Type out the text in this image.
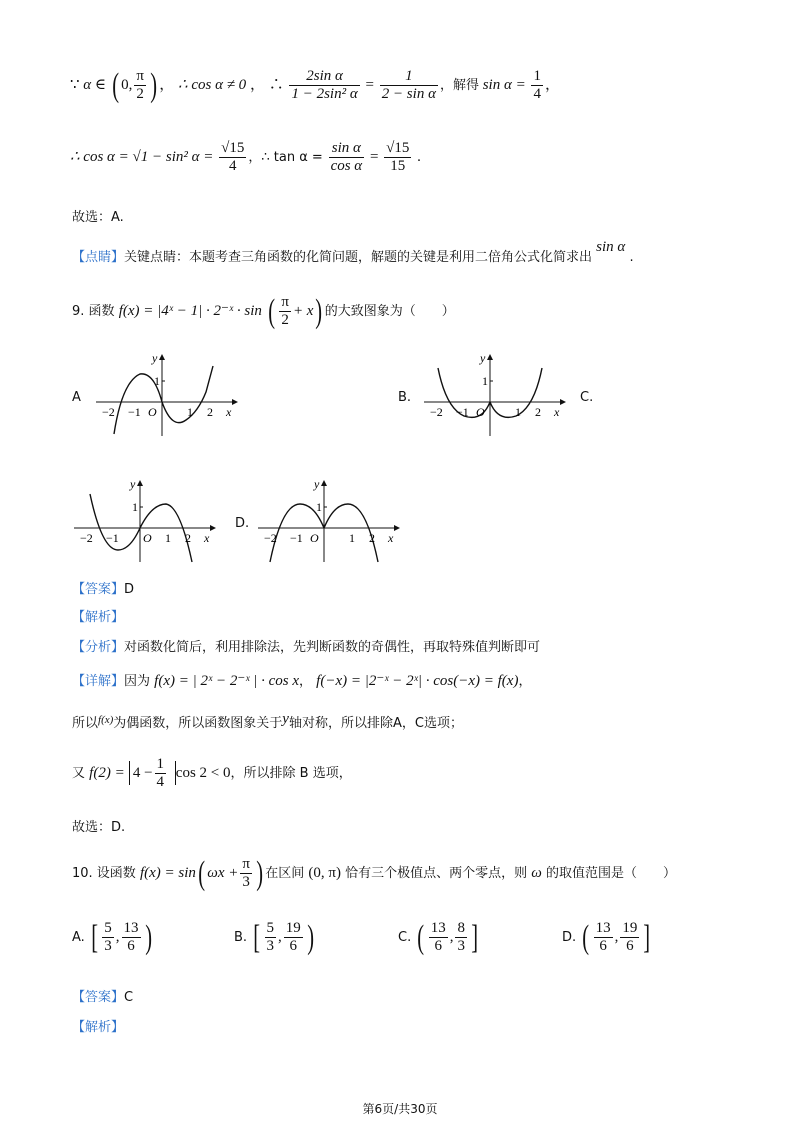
∵ α ∈ ( 0, $\frac{\pi}{2}$ ) ， ∴ cos α ≠ 0 ， ∴ $\frac{\text{2sin α}}{\text{1 − 2sin² α}} = \frac{1}{\text{2 − sin α}}$ ，解得 $\sin \alpha = \frac{1}{4}$ ，
∴ cos α = √1 − sin² $\alpha = \frac{√15}{4}$ ，∴ $\tan \alpha = \frac{\text{sin α}}{\text{cos α}} = \frac{√15}{15}$ .
故选：A.
【点睛】关键点睛：本题考查三角函数的化简问题，解题的关键是利用二倍角公式化简求出 sin α .
9. 函数 f(x) = |4ˣ − 1| · 2⁻ˣ · sin ( $\frac{\pi}{2} + x$) 的大致图象为（　　）
A	B.	C.
D.
y
1
O
−2 −1	1 2 x
y
1
O
−2 −1	1 2 x
y
1
O
−2 −1	1 2 x
y
1
O
−2 −1	1 2 x
【答案】D
【解析】
【分析】对函数化简后，利用排除法，先判断函数的奇偶性，再取特殊值判断即可
【详解】因为 f(x) = | 2ˣ − 2⁻ˣ | · cos x， f(−x) = |2⁻ˣ − 2ˣ| · cos(−x) = f(x)，
所以$^{f(x)}$为偶函数，所以函数图象关于y轴对称，所以排除A，C选项；
又 $f(2) = 4 - \frac{1}{4}$ cos 2 < 0，所以排除 B 选项，
故选：D.
10. 设函数 f(x) = sin( $\omega x + \frac{\pi}{3}$ ) 在区间 (0, π) 恰有三个极值点、两个零点，则 ω 的取值范围是（　　）
A. [ $\frac{5}{3}$ , $\frac{13}{6}$ )	B. [ $\frac{5}{3}$ , $\frac{19}{6}$ )	C. ( $\frac{13}{6}$ , $\frac{8}{3}$ ]	D. ( $\frac{13}{6}$ , $\frac{19}{6}$ ]
【答案】C
【解析】
第6页/共30页
